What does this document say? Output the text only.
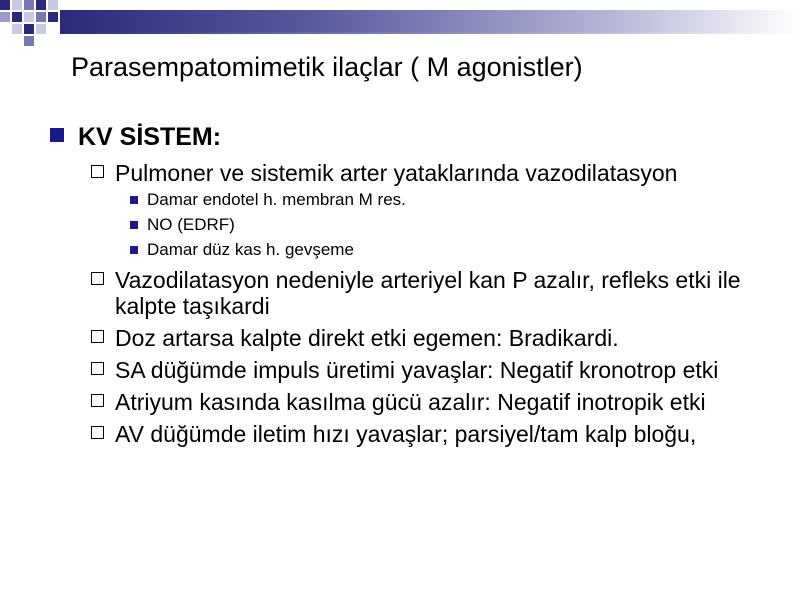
Parasempatomimetik ilaçlar ( M agonistler)
KV SİSTEM:
Pulmoner ve sistemik arter yataklarında vazodilatasyon
Damar endotel h. membran M res.
NO (EDRF)
Damar düz kas h. gevşeme
Vazodilatasyon nedeniyle arteriyel kan P azalır, refleks etki ile kalpte taşıkardi
Doz artarsa kalpte direkt etki egemen: Bradikardi.
SA düğümde impuls üretimi yavaşlar: Negatif kronotrop etki
Atriyum kasında kasılma gücü azalır: Negatif inotropik etki
AV düğümde iletim hızı yavaşlar; parsiyel/tam kalp bloğu,
